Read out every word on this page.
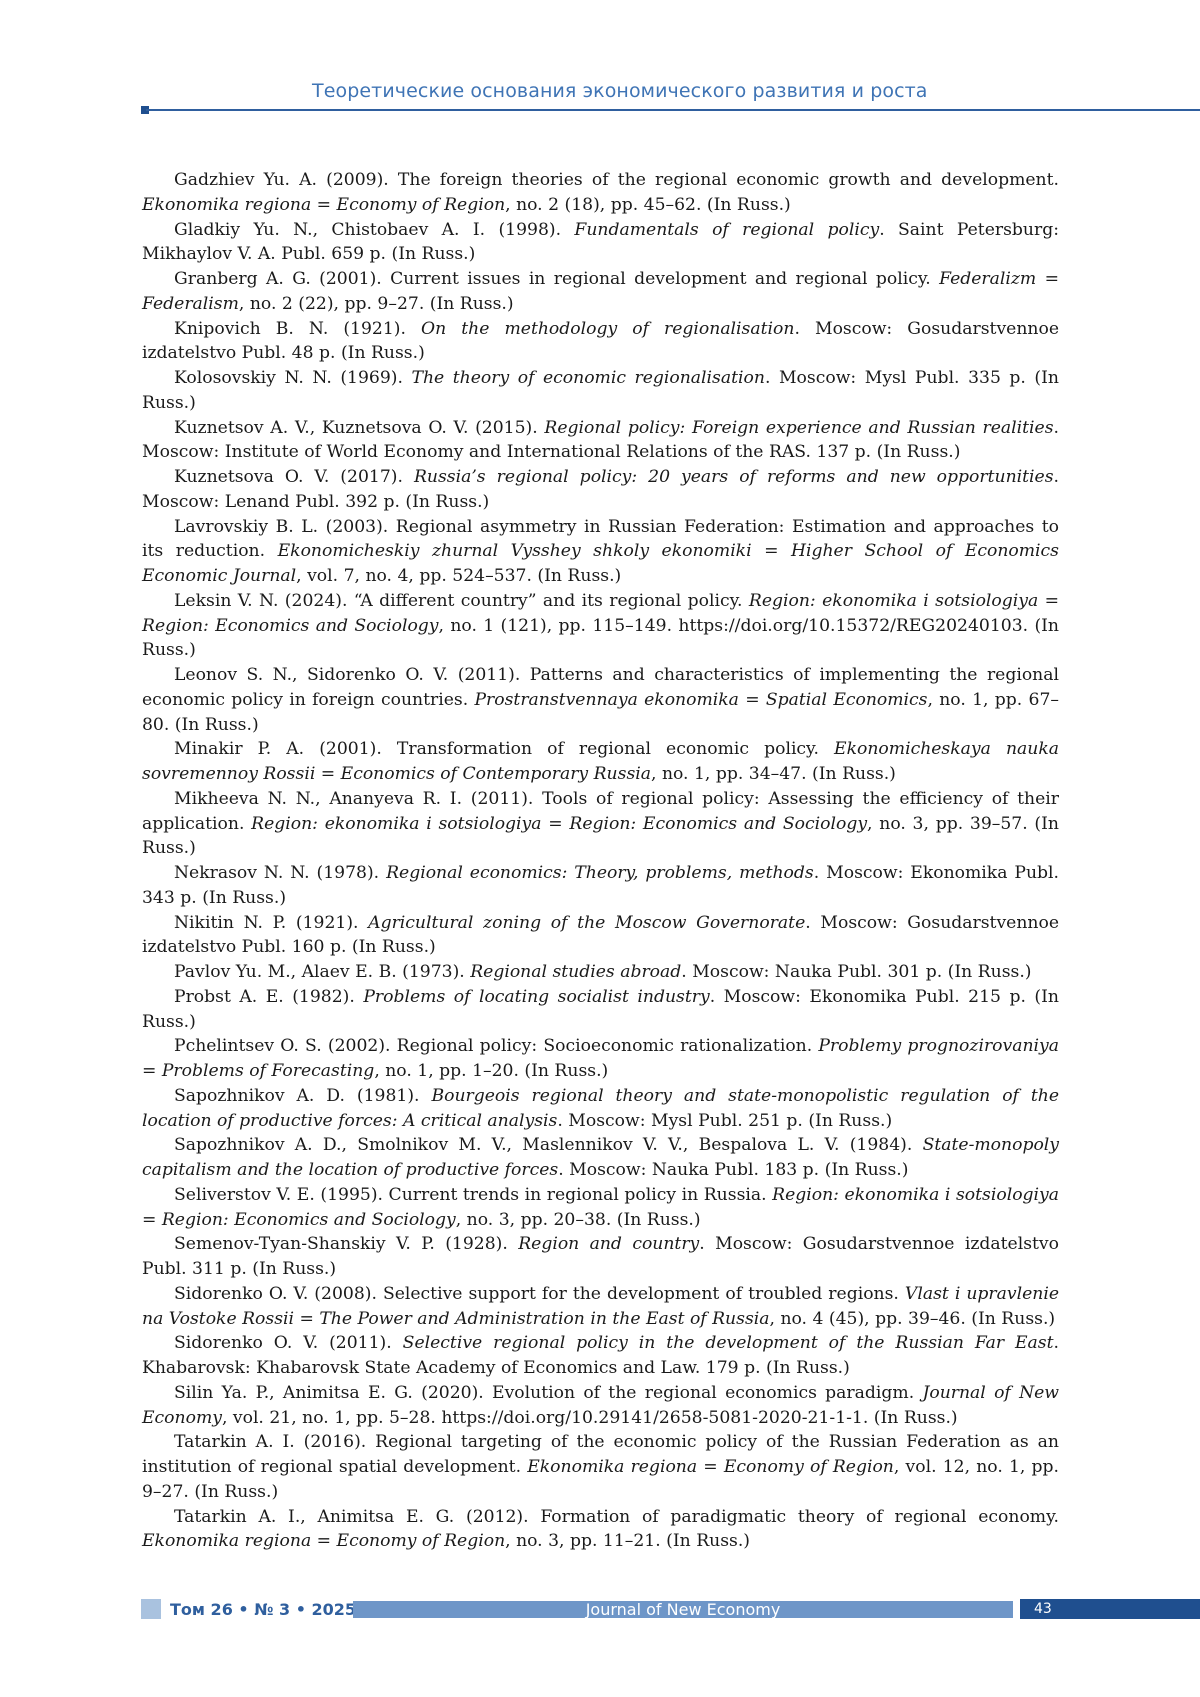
Теоретические основания экономического развития и роста

Gadzhiev Yu. A. (2009). The foreign theories of the regional economic growth and development. Ekonomika regiona = Economy of Region, no. 2 (18), pp. 45–62. (In Russ.)

Gladkiy Yu. N., Chistobaev A. I. (1998). Fundamentals of regional policy. Saint Petersburg: Mikhaylov V. A. Publ. 659 p. (In Russ.)

Granberg A. G. (2001). Current issues in regional development and regional policy. Federalizm = Federalism, no. 2 (22), pp. 9–27. (In Russ.)

Knipovich B. N. (1921). On the methodology of regionalisation. Moscow: Gosudarstvennoe izdatelstvo Publ. 48 p. (In Russ.)

Kolosovskiy N. N. (1969). The theory of economic regionalisation. Moscow: Mysl Publ. 335 p. (In Russ.)

Kuznetsov A. V., Kuznetsova O. V. (2015). Regional policy: Foreign experience and Russian realities. Moscow: Institute of World Economy and International Relations of the RAS. 137 p. (In Russ.)

Kuznetsova O. V. (2017). Russia’s regional policy: 20 years of reforms and new opportunities. Moscow: Lenand Publ. 392 p. (In Russ.)

Lavrovskiy B. L. (2003). Regional asymmetry in Russian Federation: Estimation and approaches to its reduction. Ekonomicheskiy zhurnal Vysshey shkoly ekonomiki = Higher School of Economics Economic Journal, vol. 7, no. 4, pp. 524–537. (In Russ.)

Leksin V. N. (2024). “A different country” and its regional policy. Region: ekonomika i sotsiologiya = Region: Economics and Sociology, no. 1 (121), pp. 115–149. https://doi.org/10.15372/REG20240103. (In Russ.)

Leonov S. N., Sidorenko O. V. (2011). Patterns and characteristics of implementing the regional economic policy in foreign countries. Prostranstvennaya ekonomika = Spatial Economics, no. 1, pp. 67–80. (In Russ.)

Minakir P. A. (2001). Transformation of regional economic policy. Ekonomicheskaya nauka sovremennoy Rossii = Economics of Contemporary Russia, no. 1, pp. 34–47. (In Russ.)

Mikheeva N. N., Ananyeva R. I. (2011). Tools of regional policy: Assessing the efficiency of their application. Region: ekonomika i sotsiologiya = Region: Economics and Sociology, no. 3, pp. 39–57. (In Russ.)

Nekrasov N. N. (1978). Regional economics: Theory, problems, methods. Moscow: Ekonomika Publ. 343 p. (In Russ.)

Nikitin N. P. (1921). Agricultural zoning of the Moscow Governorate. Moscow: Gosudarstvennoe izdatelstvo Publ. 160 p. (In Russ.)

Pavlov Yu. M., Alaev E. B. (1973). Regional studies abroad. Moscow: Nauka Publ. 301 p. (In Russ.)

Probst A. E. (1982). Problems of locating socialist industry. Moscow: Ekonomika Publ. 215 p. (In Russ.)

Pchelintsev O. S. (2002). Regional policy: Socioeconomic rationalization. Problemy prognozirovaniya = Problems of Forecasting, no. 1, pp. 1–20. (In Russ.)

Sapozhnikov A. D. (1981). Bourgeois regional theory and state-monopolistic regulation of the location of productive forces: A critical analysis. Moscow: Mysl Publ. 251 p. (In Russ.)

Sapozhnikov A. D., Smolnikov M. V., Maslennikov V. V., Bespalova L. V. (1984). State-monopoly capitalism and the location of productive forces. Moscow: Nauka Publ. 183 p. (In Russ.)

Seliverstov V. E. (1995). Current trends in regional policy in Russia. Region: ekonomika i sotsiologiya = Region: Economics and Sociology, no. 3, pp. 20–38. (In Russ.)

Semenov-Tyan-Shanskiy V. P. (1928). Region and country. Moscow: Gosudarstvennoe izdatelstvo Publ. 311 p. (In Russ.)

Sidorenko O. V. (2008). Selective support for the development of troubled regions. Vlast i upravlenie na Vostoke Rossii = The Power and Administration in the East of Russia, no. 4 (45), pp. 39–46. (In Russ.)

Sidorenko O. V. (2011). Selective regional policy in the development of the Russian Far East. Khabarovsk: Khabarovsk State Academy of Economics and Law. 179 p. (In Russ.)

Silin Ya. P., Animitsa E. G. (2020). Evolution of the regional economics paradigm. Journal of New Economy, vol. 21, no. 1, pp. 5–28. https://doi.org/10.29141/2658-5081-2020-21-1-1. (In Russ.)

Tatarkin A. I. (2016). Regional targeting of the economic policy of the Russian Federation as an institution of regional spatial development. Ekonomika regiona = Economy of Region, vol. 12, no. 1, pp. 9–27. (In Russ.)

Tatarkin A. I., Animitsa E. G. (2012). Formation of paradigmatic theory of regional economy. Ekonomika regiona = Economy of Region, no. 3, pp. 11–21. (In Russ.)

Том 26 • № 3 • 2025	Journal of New Economy	43
